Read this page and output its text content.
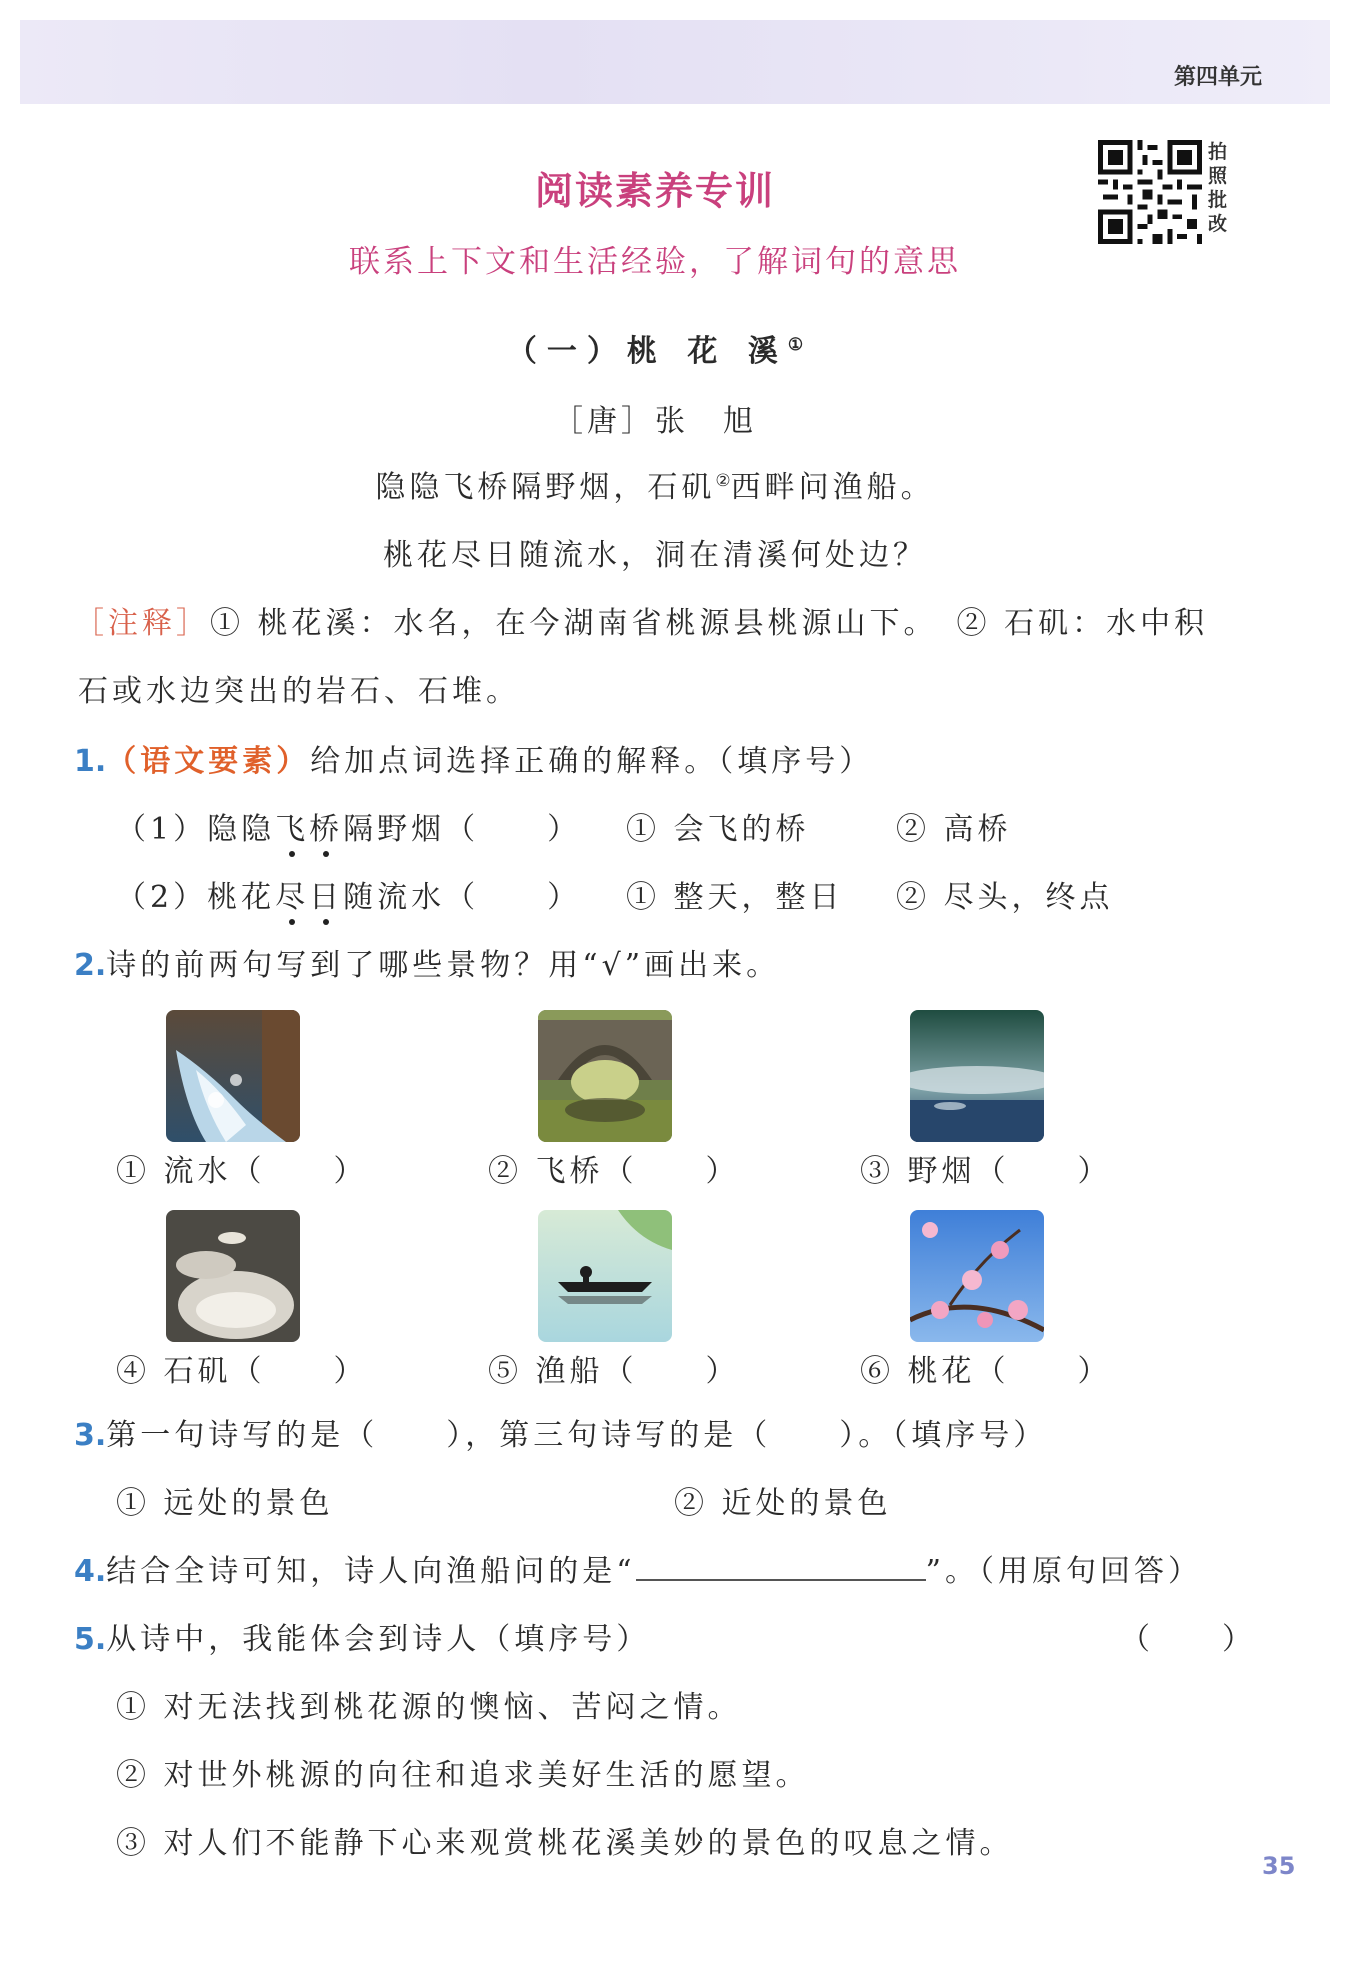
第四单元
拍照批改
阅读素养专训
联系上下文和生活经验，了解词句的意思
（一）桃 花 溪①
［唐］张　旭
隐隐飞桥隔野烟，石矶②西畔问渔船。
桃花尽日随流水，洞在清溪何处边？
［注释］① 桃花溪：水名，在今湖南省桃源县桃源山下。　② 石矶：水中积
石或水边突出的岩石、石堆。
1.（语文要素）给加点词选择正确的解释。（填序号）
（1）隐隐飞桥隔野烟（　　） ① 会飞的桥	② 高桥
（2）桃花尽日随流水（　　） ① 整天，整日 ② 尽头，终点
2.诗的前两句写到了哪些景物？用“√”画出来。
① 流水（　　）	② 飞桥（　　）	③ 野烟（　　）
④ 石矶（　　）	⑤ 渔船（　　）	⑥ 桃花（　　）
3.第一句诗写的是（　　），第三句诗写的是（　　）。（填序号）
① 远处的景色	② 近处的景色
4.结合全诗可知，诗人向渔船问的是“	”。（用原句回答）
5.从诗中，我能体会到诗人（填序号）	（　　）
① 对无法找到桃花源的懊恼、苦闷之情。
② 对世外桃源的向往和追求美好生活的愿望。
③ 对人们不能静下心来观赏桃花溪美妙的景色的叹息之情。
35
